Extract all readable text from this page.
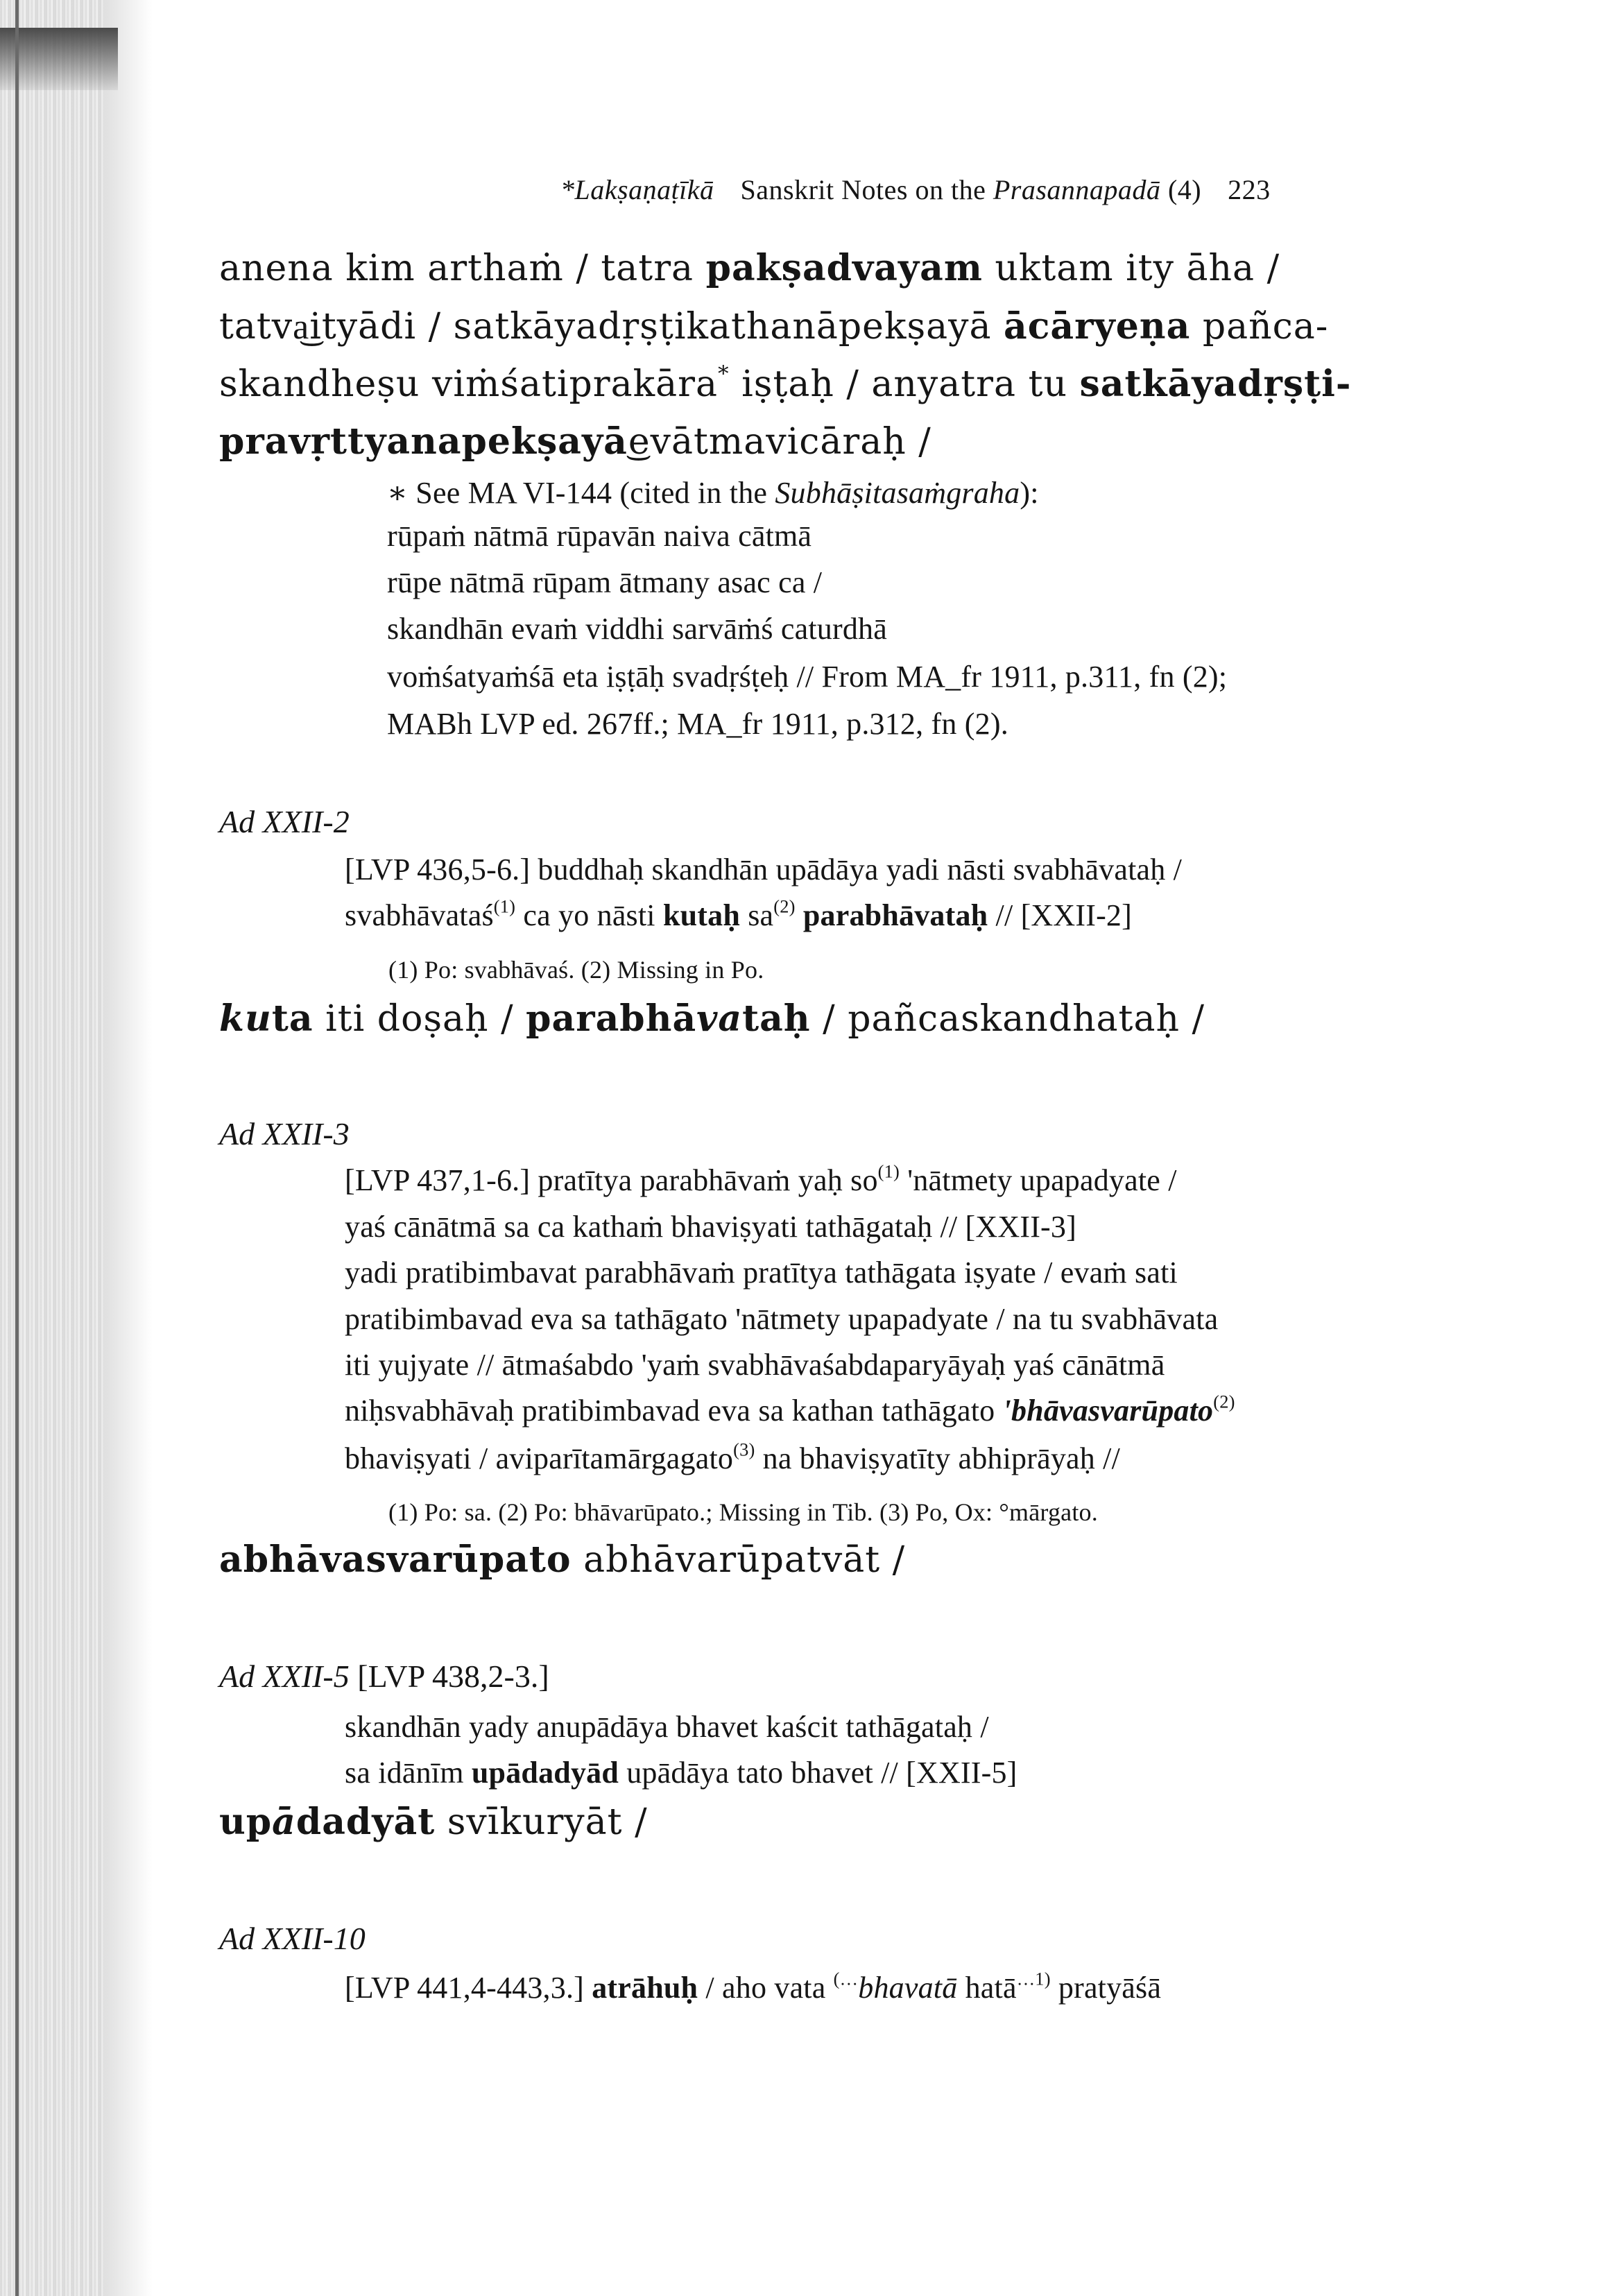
*Lakṣaṇaṭīkā Sanskrit Notes on the Prasannapadā (4) 223
anena kim arthaṁ / tatra pakṣadvayam uktam ity āha /
tatva͜ityādi / satkāyadṛṣṭikathanāpekṣayā ācāryeṇa pañca-
skandheṣu viṁśatiprakāra* iṣṭaḥ / anyatra tu satkāyadṛṣṭi-
pravṛttyanapekṣayā͜evātmavicāraḥ /
∗ See MA VI-144 (cited in the Subhāṣitasaṁgraha):
rūpaṁ nātmā rūpavān naiva cātmā
rūpe nātmā rūpam ātmany asac ca /
skandhān evaṁ viddhi sarvāṁś caturdhā
voṁśatyaṁśā eta iṣṭāḥ svadṛśṭeḥ // From MA_fr 1911, p.311, fn (2);
MABh LVP ed. 267ff.; MA_fr 1911, p.312, fn (2).
Ad XXII-2
[LVP 436,5-6.] buddhaḥ skandhān upādāya yadi nāsti svabhāvataḥ /
svabhāvataś$^{(1)}$ ca yo nāsti kutaḥ $sa^{(2)}$ parabhāvataḥ // [XXII-2]
(1) Po: svabhāvaś. (2) Missing in Po.
kuta iti doṣaḥ / parabhāvataḥ / pañcaskandhataḥ /
Ad XXII-3
[LVP 437,1-6.] pratītya parabhāvaṁ yaḥ $so^{(1)}$ 'nātmety upapadyate /
yaś cānātmā sa ca kathaṁ bhaviṣyati tathāgataḥ // [XXII-3]
yadi pratibimbavat parabhāvaṁ pratītya tathāgata iṣyate / evaṁ sati
pratibimbavad eva sa tathāgato 'nātmety upapadyate / na tu svabhāvata
iti yujyate // ātmaśabdo 'yaṁ svabhāvaśabdaparyāyaḥ yaś cānātmā
niḥsvabhāvaḥ pratibimbavad eva sa kathan tathāgato 'bhāvasvarūpato$^{(2)}$
bhaviṣyati / aviparītamārgagato$^{(3)}$ na bhaviṣyatīty abhiprāyaḥ //
(1) Po: sa. (2) Po: bhāvarūpato.; Missing in Tib. (3) Po, Ox: °mārgato.
abhāvasvarūpato abhāvarūpatvāt /
Ad XXII-5 [LVP 438,2-3.]
skandhān yady anupādāya bhavet kaścit tathāgataḥ /
sa idānīm upādadyād upādāya tato bhavet // [XXII-5]
upādadyāt svīkuryāt /
Ad XXII-10
[LVP 441,4-443,3.] atrāhuḥ / aho vata (…bhavatā hatā$^{\dots 1)}$ pratyāśā
